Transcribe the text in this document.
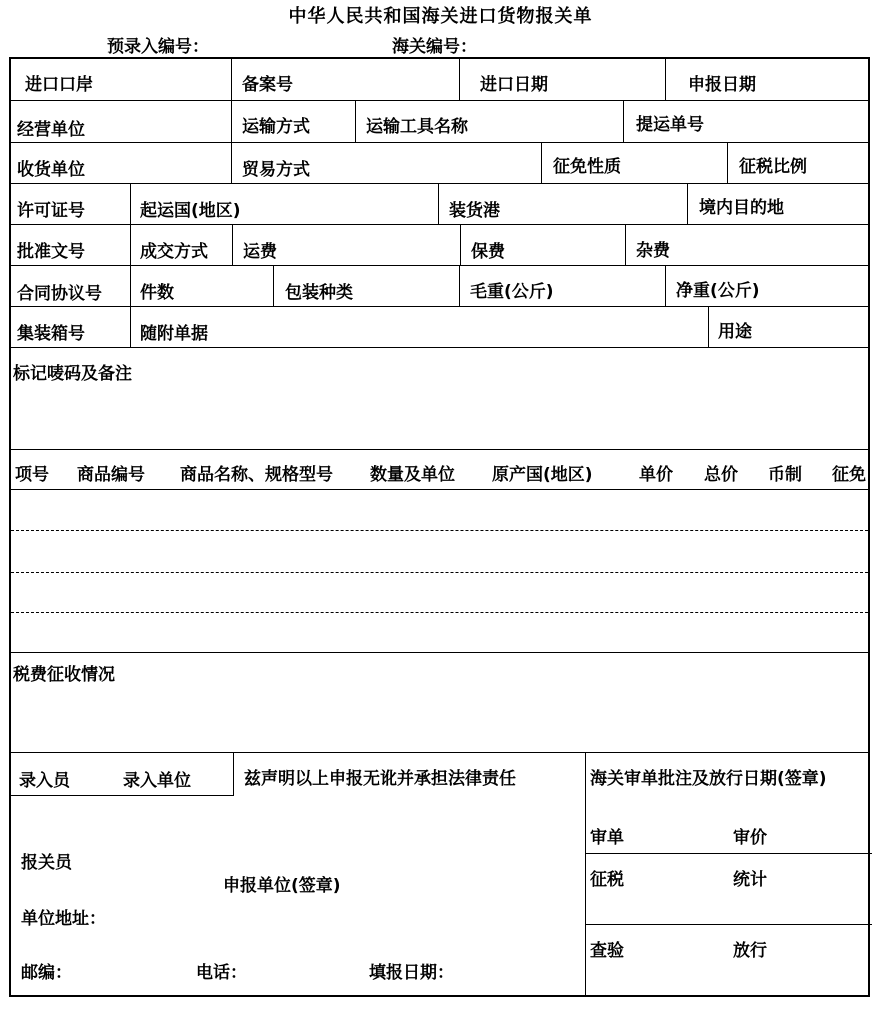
中华人民共和国海关进口货物报关单
预录入编号：	海关编号：
进口口岸	备案号	进口日期	申报日期
经营单位	运输方式	运输工具名称	提运单号
收货单位	贸易方式	征免性质	征税比例
许可证号	起运国(地区)	装货港	境内目的地
批准文号	成交方式 运费	保费	杂费
合同协议号 件数	包装种类	毛重(公斤)	净重(公斤)
集装箱号	随附单据	用途
标记唛码及备注
项号 商品编号 商品名称、规格型号 数量及单位 原产国(地区)	单价 总价 币制 征免
税费征收情况
录入员	录入单位	兹声明以上申报无讹并承担法律责任
报关员
申报单位(签章)
单位地址：
邮编：	电话：	填报日期：
海关审单批注及放行日期(签章)
审单	审价
征税	统计
查验	放行
